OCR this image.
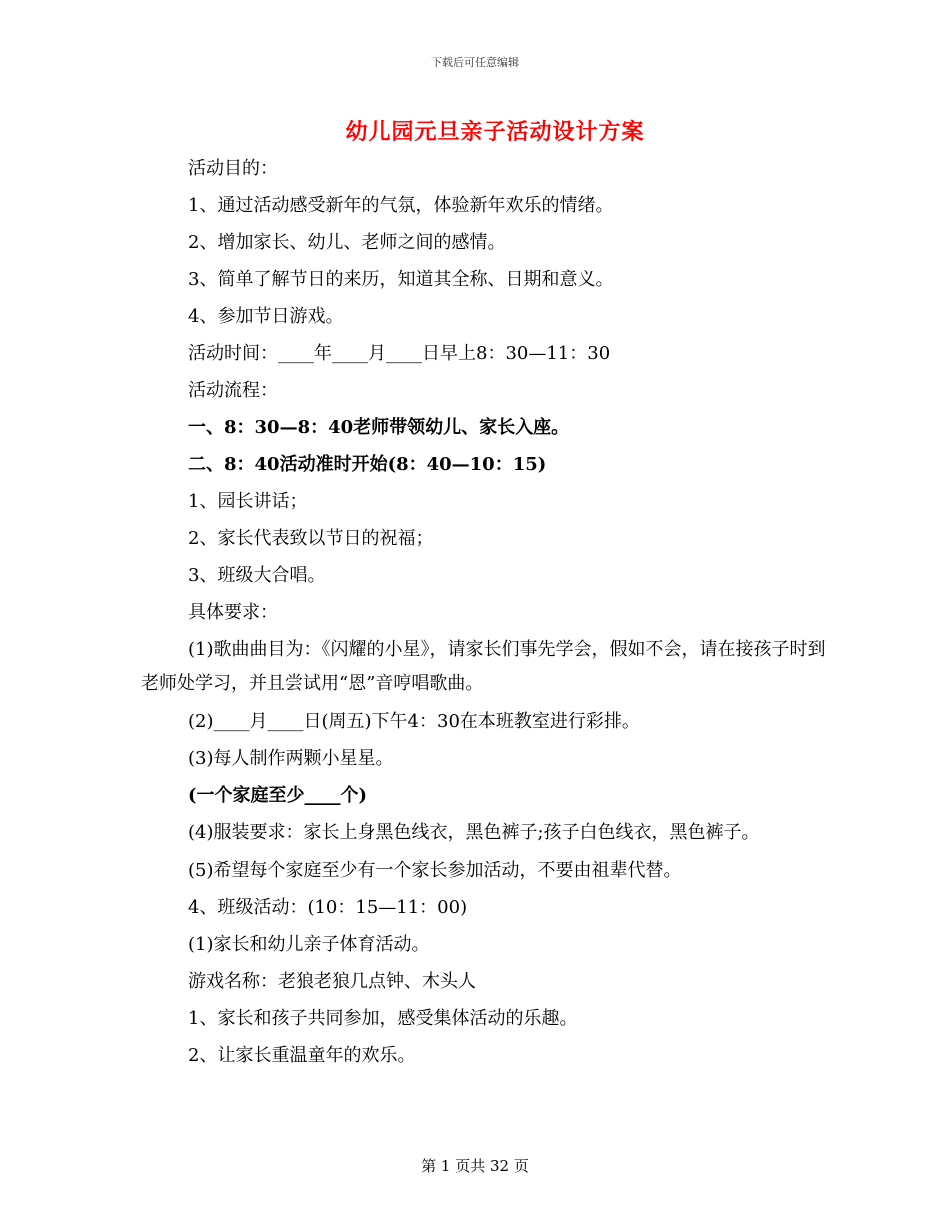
下载后可任意编辑
幼儿园元旦亲子活动设计方案
活动目的：
1、通过活动感受新年的气氛，体验新年欢乐的情绪。
2、增加家长、幼儿、老师之间的感情。
3、简单了解节日的来历，知道其全称、日期和意义。
4、参加节日游戏。
活动时间：____年____月____日早上8：30—11：30
活动流程：
一、8：30—8：40老师带领幼儿、家长入座。
二、8：40活动准时开始(8：40—10：15)
1、园长讲话；
2、家长代表致以节日的祝福；
3、班级大合唱。
具体要求：
(1)歌曲曲目为：《闪耀的小星》，请家长们事先学会，假如不会，请在接孩子时到老师处学习，并且尝试用“恩”音哼唱歌曲。
(2)____月____日(周五)下午4：30在本班教室进行彩排。
(3)每人制作两颗小星星。
(一个家庭至少____个)
(4)服装要求：家长上身黑色线衣，黑色裤子;孩子白色线衣，黑色裤子。
(5)希望每个家庭至少有一个家长参加活动，不要由祖辈代替。
4、班级活动：(10：15—11：00)
(1)家长和幼儿亲子体育活动。
游戏名称：老狼老狼几点钟、木头人
1、家长和孩子共同参加，感受集体活动的乐趣。
2、让家长重温童年的欢乐。
第 1 页共 32 页
